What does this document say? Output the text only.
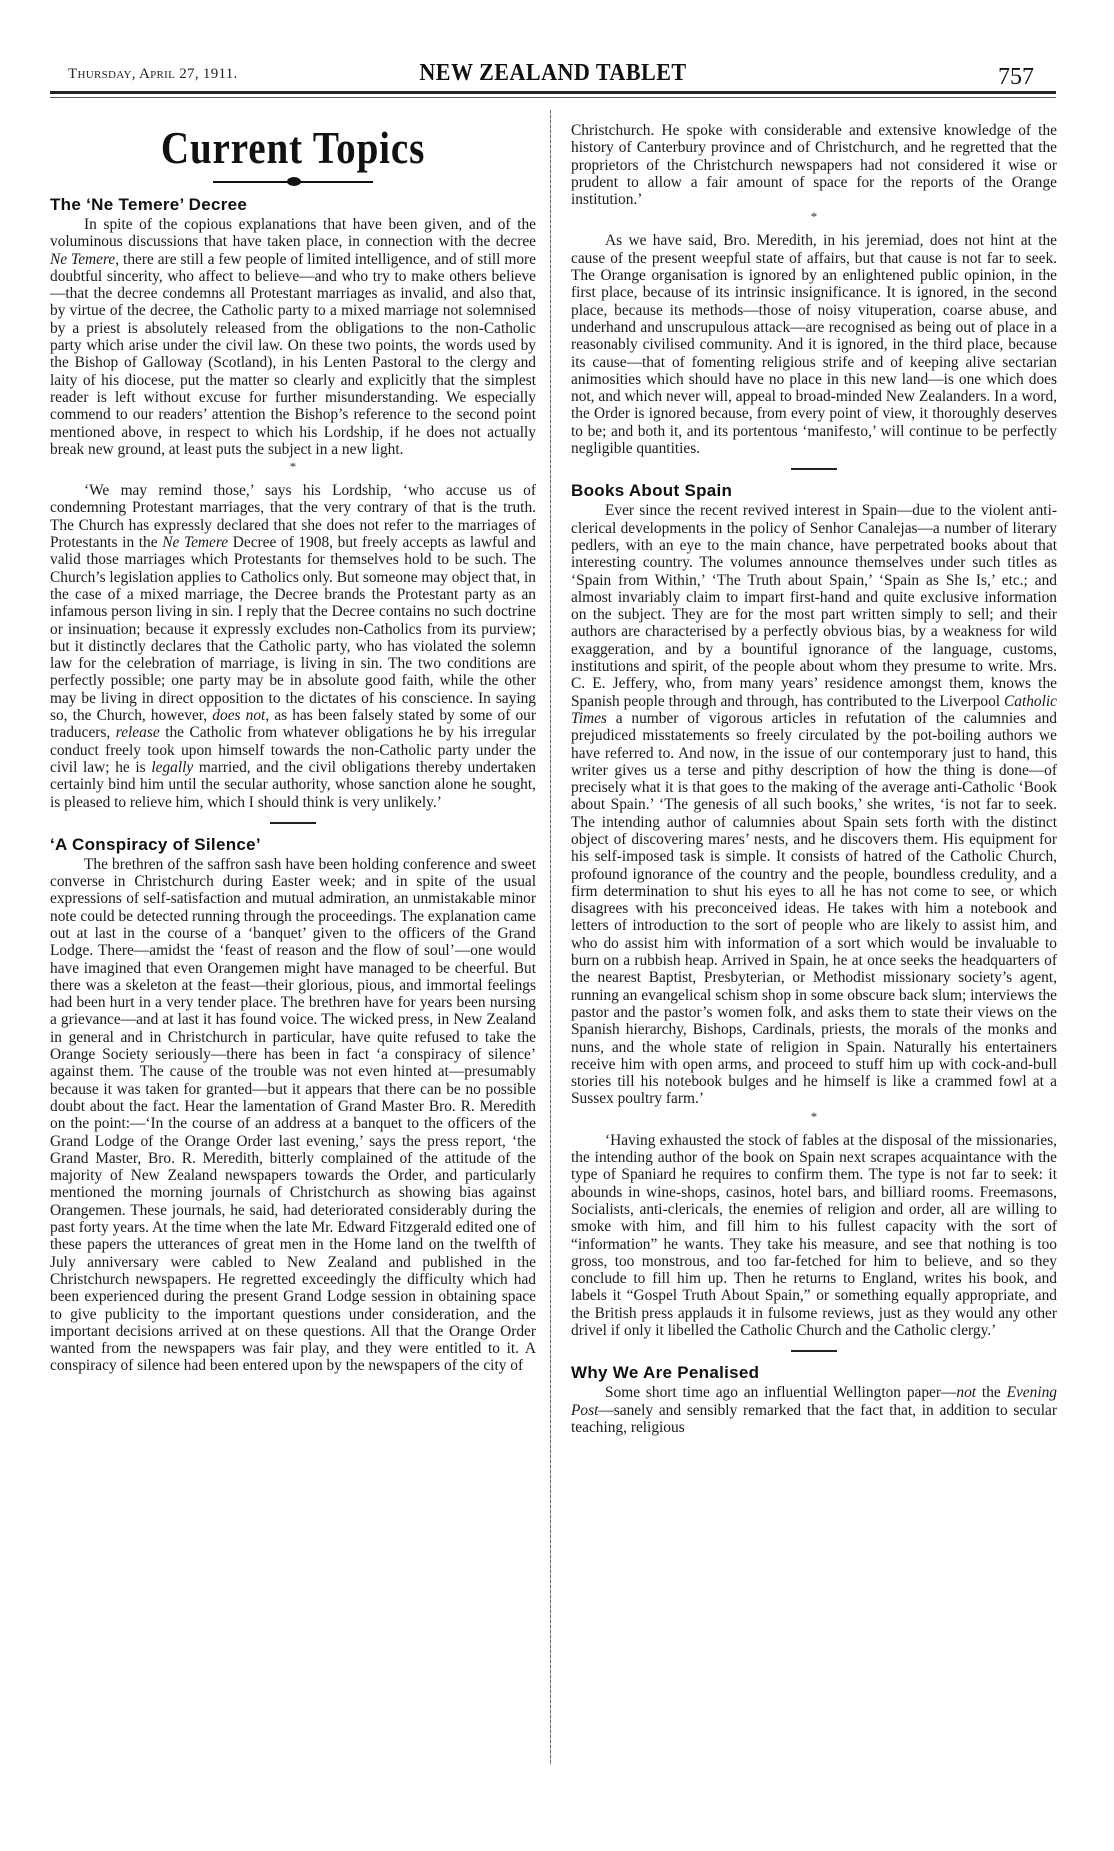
Thursday, April 27, 1911.	NEW ZEALAND TABLET	757
Current Topics
The ‘Ne Temere’ Decree

In spite of the copious explanations that have been given, and of the voluminous discussions that have taken place, in connection with the decree Ne Temere, there are still a few people of limited intelligence, and of still more doubtful sincerity, who affect to believe—and who try to make others believe—that the decree condemns all Protestant marriages as invalid, and also that, by virtue of the decree, the Catholic party to a mixed marriage not solemnised by a priest is absolutely released from the obligations to the non-Catholic party which arise under the civil law. On these two points, the words used by the Bishop of Galloway (Scotland), in his Lenten Pastoral to the clergy and laity of his diocese, put the matter so clearly and explicitly that the simplest reader is left without excuse for further misunderstanding. We especially commend to our readers’ attention the Bishop’s reference to the second point mentioned above, in respect to which his Lordship, if he does not actually break new ground, at least puts the subject in a new light.

*

‘We may remind those,’ says his Lordship, ‘who accuse us of condemning Protestant marriages, that the very contrary of that is the truth. The Church has expressly declared that she does not refer to the marriages of Protestants in the Ne Temere Decree of 1908, but freely accepts as lawful and valid those marriages which Protestants for themselves hold to be such. The Church’s legislation applies to Catholics only. But someone may object that, in the case of a mixed marriage, the Decree brands the Protestant party as an infamous person living in sin. I reply that the Decree contains no such doctrine or insinuation; because it expressly excludes non-Catholics from its purview; but it distinctly declares that the Catholic party, who has violated the solemn law for the celebration of marriage, is living in sin. The two conditions are perfectly possible; one party may be in absolute good faith, while the other may be living in direct opposition to the dictates of his conscience. In saying so, the Church, however, does not, as has been falsely stated by some of our traducers, release the Catholic from whatever obligations he by his irregular conduct freely took upon himself towards the non-Catholic party under the civil law; he is legally married, and the civil obligations thereby undertaken certainly bind him until the secular authority, whose sanction alone he sought, is pleased to relieve him, which I should think is very unlikely.’

‘A Conspiracy of Silence’

The brethren of the saffron sash have been holding conference and sweet converse in Christchurch during Easter week; and in spite of the usual expressions of self-satisfaction and mutual admiration, an unmistakable minor note could be detected running through the proceedings. The explanation came out at last in the course of a ‘banquet’ given to the officers of the Grand Lodge. There—amidst the ‘feast of reason and the flow of soul’—one would have imagined that even Orangemen might have managed to be cheerful. But there was a skeleton at the feast—their glorious, pious, and immortal feelings had been hurt in a very tender place. The brethren have for years been nursing a grievance—and at last it has found voice. The wicked press, in New Zealand in general and in Christchurch in particular, have quite refused to take the Orange Society seriously—there has been in fact ‘a conspiracy of silence’ against them. The cause of the trouble was not even hinted at—presumably because it was taken for granted—but it appears that there can be no possible doubt about the fact. Hear the lamentation of Grand Master Bro. R. Meredith on the point:—‘In the course of an address at a banquet to the officers of the Grand Lodge of the Orange Order last evening,’ says the press report, ‘the Grand Master, Bro. R. Meredith, bitterly complained of the attitude of the majority of New Zealand newspapers towards the Order, and particularly mentioned the morning journals of Christchurch as showing bias against Orangemen. These journals, he said, had deteriorated considerably during the past forty years. At the time when the late Mr. Edward Fitzgerald edited one of these papers the utterances of great men in the Home land on the twelfth of July anniversary were cabled to New Zealand and published in the Christchurch newspapers. He regretted exceedingly the difficulty which had been experienced during the present Grand Lodge session in obtaining space to give publicity to the important questions under consideration, and the important decisions arrived at on these questions. All that the Orange Order wanted from the newspapers was fair play, and they were entitled to it. A conspiracy of silence had been entered upon by the newspapers of the city of

Christchurch. He spoke with considerable and extensive knowledge of the history of Canterbury province and of Christchurch, and he regretted that the proprietors of the Christchurch newspapers had not considered it wise or prudent to allow a fair amount of space for the reports of the Orange institution.’

*

As we have said, Bro. Meredith, in his jeremiad, does not hint at the cause of the present weepful state of affairs, but that cause is not far to seek. The Orange organisation is ignored by an enlightened public opinion, in the first place, because of its intrinsic insignificance. It is ignored, in the second place, because its methods—those of noisy vituperation, coarse abuse, and underhand and unscrupulous attack—are recognised as being out of place in a reasonably civilised community. And it is ignored, in the third place, because its cause—that of fomenting religious strife and of keeping alive sectarian animosities which should have no place in this new land—is one which does not, and which never will, appeal to broad-minded New Zealanders. In a word, the Order is ignored because, from every point of view, it thoroughly deserves to be; and both it, and its portentous ‘manifesto,’ will continue to be perfectly negligible quantities.

Books About Spain

Ever since the recent revived interest in Spain—due to the violent anti-clerical developments in the policy of Senhor Canalejas—a number of literary pedlers, with an eye to the main chance, have perpetrated books about that interesting country. The volumes announce themselves under such titles as ‘Spain from Within,’ ‘The Truth about Spain,’ ‘Spain as She Is,’ etc.; and almost invariably claim to impart first-hand and quite exclusive information on the subject. They are for the most part written simply to sell; and their authors are characterised by a perfectly obvious bias, by a weakness for wild exaggeration, and by a bountiful ignorance of the language, customs, institutions and spirit, of the people about whom they presume to write. Mrs. C. E. Jeffery, who, from many years’ residence amongst them, knows the Spanish people through and through, has contributed to the Liverpool Catholic Times a number of vigorous articles in refutation of the calumnies and prejudiced misstatements so freely circulated by the pot-boiling authors we have referred to. And now, in the issue of our contemporary just to hand, this writer gives us a terse and pithy description of how the thing is done—of precisely what it is that goes to the making of the average anti-Catholic ‘Book about Spain.’ ‘The genesis of all such books,’ she writes, ‘is not far to seek. The intending author of calumnies about Spain sets forth with the distinct object of discovering mares’ nests, and he discovers them. His equipment for his self-imposed task is simple. It consists of hatred of the Catholic Church, profound ignorance of the country and the people, boundless credulity, and a firm determination to shut his eyes to all he has not come to see, or which disagrees with his preconceived ideas. He takes with him a notebook and letters of introduction to the sort of people who are likely to assist him, and who do assist him with information of a sort which would be invaluable to burn on a rubbish heap. Arrived in Spain, he at once seeks the headquarters of the nearest Baptist, Presbyterian, or Methodist missionary society’s agent, running an evangelical schism shop in some obscure back slum; interviews the pastor and the pastor’s women folk, and asks them to state their views on the Spanish hierarchy, Bishops, Cardinals, priests, the morals of the monks and nuns, and the whole state of religion in Spain. Naturally his entertainers receive him with open arms, and proceed to stuff him up with cock-and-bull stories till his notebook bulges and he himself is like a crammed fowl at a Sussex poultry farm.’

*

‘Having exhausted the stock of fables at the disposal of the missionaries, the intending author of the book on Spain next scrapes acquaintance with the type of Spaniard he requires to confirm them. The type is not far to seek: it abounds in wine-shops, casinos, hotel bars, and billiard rooms. Freemasons, Socialists, anti-clericals, the enemies of religion and order, all are willing to smoke with him, and fill him to his fullest capacity with the sort of “information” he wants. They take his measure, and see that nothing is too gross, too monstrous, and too far-fetched for him to believe, and so they conclude to fill him up. Then he returns to England, writes his book, and labels it “Gospel Truth About Spain,” or something equally appropriate, and the British press applauds it in fulsome reviews, just as they would any other drivel if only it libelled the Catholic Church and the Catholic clergy.’

Why We Are Penalised

Some short time ago an influential Wellington paper—not the Evening Post—sanely and sensibly remarked that the fact that, in addition to secular teaching, religious
